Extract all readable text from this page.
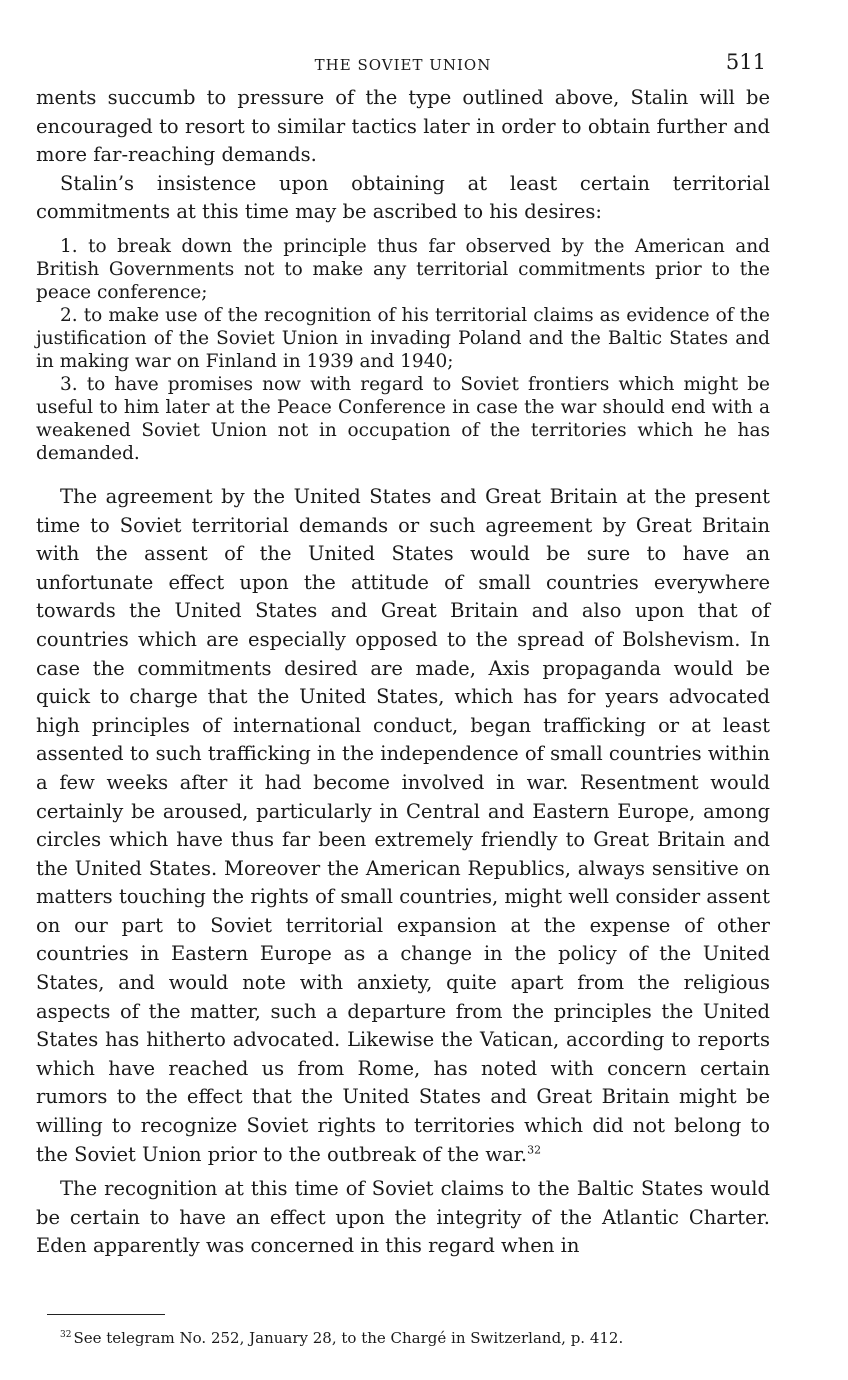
THE SOVIET UNION	511

ments succumb to pressure of the type outlined above, Stalin will be encouraged to resort to similar tactics later in order to obtain further and more far-reaching demands.

Stalin’s insistence upon obtaining at least certain territorial commitments at this time may be ascribed to his desires:

1. to break down the principle thus far observed by the American and British Governments not to make any territorial commitments prior to the peace conference;

2. to make use of the recognition of his territorial claims as evidence of the justification of the Soviet Union in invading Poland and the Baltic States and in making war on Finland in 1939 and 1940;

3. to have promises now with regard to Soviet frontiers which might be useful to him later at the Peace Conference in case the war should end with a weakened Soviet Union not in occupation of the territories which he has demanded.

The agreement by the United States and Great Britain at the present time to Soviet territorial demands or such agreement by Great Britain with the assent of the United States would be sure to have an unfortunate effect upon the attitude of small countries everywhere towards the United States and Great Britain and also upon that of countries which are especially opposed to the spread of Bolshevism. In case the commitments desired are made, Axis propaganda would be quick to charge that the United States, which has for years advocated high principles of international conduct, began trafficking or at least assented to such trafficking in the independence of small countries within a few weeks after it had become involved in war. Resentment would certainly be aroused, particularly in Central and Eastern Europe, among circles which have thus far been extremely friendly to Great Britain and the United States. Moreover the American Republics, always sensitive on matters touching the rights of small countries, might well consider assent on our part to Soviet territorial expansion at the expense of other countries in Eastern Europe as a change in the policy of the United States, and would note with anxiety, quite apart from the religious aspects of the matter, such a departure from the principles the United States has hitherto advocated. Likewise the Vatican, according to reports which have reached us from Rome, has noted with concern certain rumors to the effect that the United States and Great Britain might be willing to recognize Soviet rights to territories which did not belong to the Soviet Union prior to the outbreak of the war.$^{32}$

The recognition at this time of Soviet claims to the Baltic States would be certain to have an effect upon the integrity of the Atlantic Charter. Eden apparently was concerned in this regard when in

$^{32}$ See telegram No. 252, January 28, to the Chargé in Switzerland, p. 412.
